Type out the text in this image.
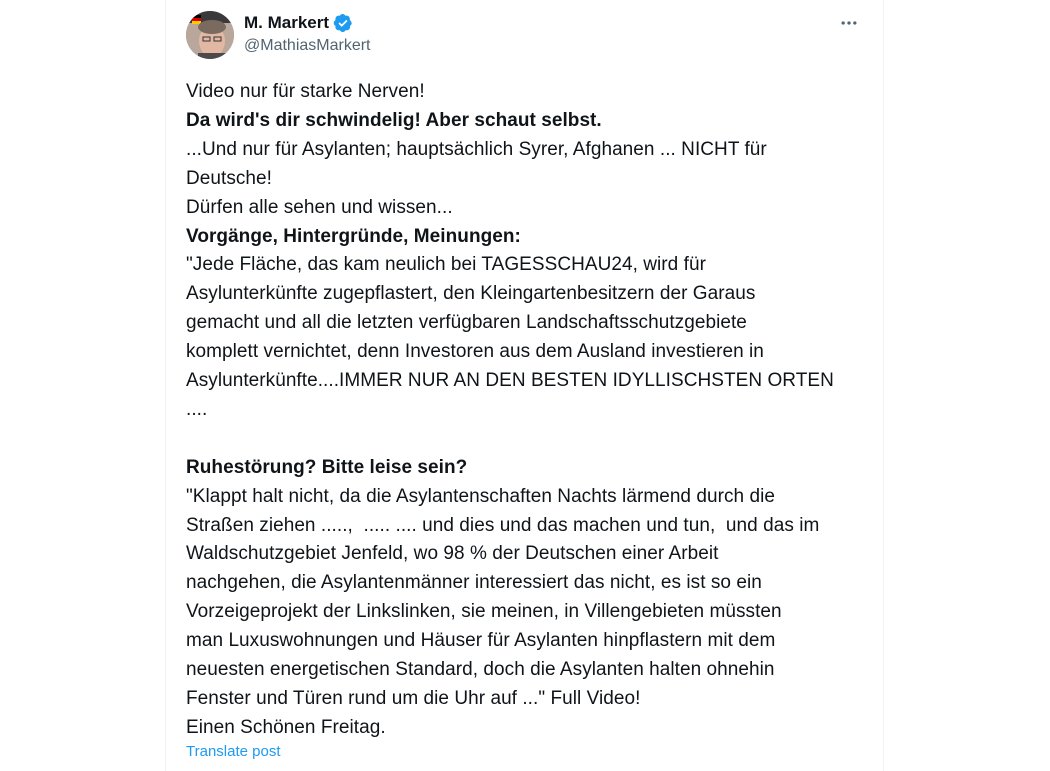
M. Markert
@MathiasMarkert
Video nur für starke Nerven!
Da wird's dir schwindelig! Aber schaut selbst.
...Und nur für Asylanten; hauptsächlich Syrer, Afghanen ... NICHT für
Deutsche!
Dürfen alle sehen und wissen...
Vorgänge, Hintergründe, Meinungen:
"Jede Fläche, das kam neulich bei TAGESSCHAU24, wird für
Asylunterkünfte zugepflastert, den Kleingartenbesitzern der Garaus
gemacht und all die letzten verfügbaren Landschaftsschutzgebiete
komplett vernichtet, denn Investoren aus dem Ausland investieren in
Asylunterkünfte....IMMER NUR AN DEN BESTEN IDYLLISCHSTEN ORTEN
....
Ruhestörung? Bitte leise sein?
"Klappt halt nicht, da die Asylantenschaften Nachts lärmend durch die
Straßen ziehen .....,  ..... .... und dies und das machen und tun,  und das im
Waldschutzgebiet Jenfeld, wo 98 % der Deutschen einer Arbeit
nachgehen, die Asylantenmänner interessiert das nicht, es ist so ein
Vorzeigeprojekt der Linkslinken, sie meinen, in Villengebieten müssten
man Luxuswohnungen und Häuser für Asylanten hinpflastern mit dem
neuesten energetischen Standard, doch die Asylanten halten ohnehin
Fenster und Türen rund um die Uhr auf ..." Full Video!
Einen Schönen Freitag.
Translate post
